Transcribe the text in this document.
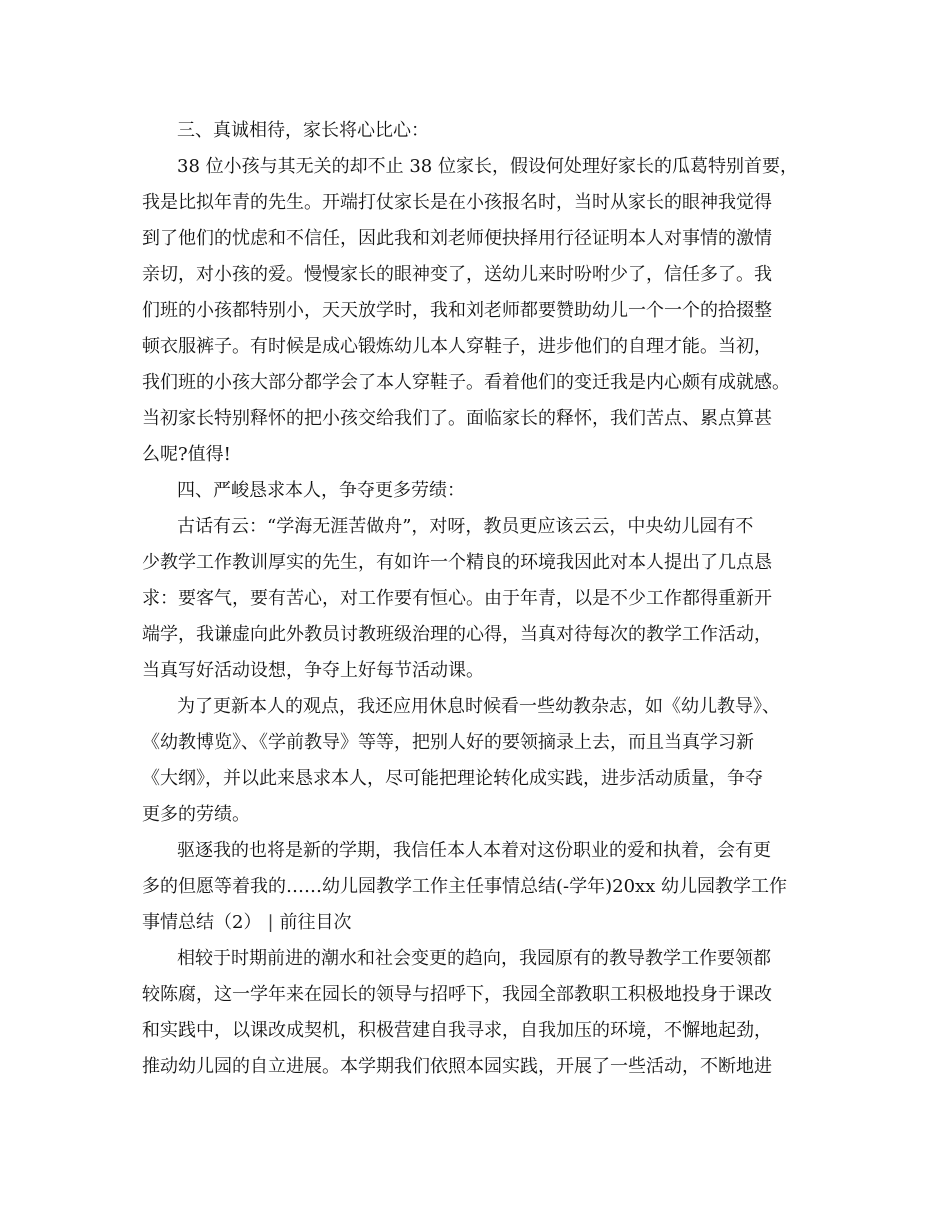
三、真诚相待，家长将心比心：
38 位小孩与其无关的却不止 38 位家长，假设何处理好家长的瓜葛特别首要，
我是比拟年青的先生。开端打仗家长是在小孩报名时，当时从家长的眼神我觉得
到了他们的忧虑和不信任，因此我和刘老师便抉择用行径证明本人对事情的激情
亲切，对小孩的爱。慢慢家长的眼神变了，送幼儿来时吩咐少了，信任多了。我
们班的小孩都特别小，天天放学时，我和刘老师都要赞助幼儿一个一个的拾掇整
顿衣服裤子。有时候是成心锻炼幼儿本人穿鞋子，进步他们的自理才能。当初，
我们班的小孩大部分都学会了本人穿鞋子。看着他们的变迁我是内心颇有成就感。
当初家长特别释怀的把小孩交给我们了。面临家长的释怀，我们苦点、累点算甚
么呢?值得!
四、严峻恳求本人，争夺更多劳绩：
古话有云：“学海无涯苦做舟”，对呀，教员更应该云云，中央幼儿园有不
少教学工作教训厚实的先生，有如许一个精良的环境我因此对本人提出了几点恳
求：要客气，要有苦心，对工作要有恒心。由于年青，以是不少工作都得重新开
端学，我谦虚向此外教员讨教班级治理的心得，当真对待每次的教学工作活动，
当真写好活动设想，争夺上好每节活动课。
为了更新本人的观点，我还应用休息时候看一些幼教杂志，如《幼儿教导》、
《幼教博览》、《学前教导》等等，把别人好的要领摘录上去，而且当真学习新
《大纲》，并以此来恳求本人，尽可能把理论转化成实践，进步活动质量，争夺
更多的劳绩。
驱逐我的也将是新的学期，我信任本人本着对这份职业的爱和执着，会有更
多的但愿等着我的……幼儿园教学工作主任事情总结(-学年)20xx 幼儿园教学工作
事情总结（2） | 前往目次
相较于时期前进的潮水和社会变更的趋向，我园原有的教导教学工作要领都
较陈腐，这一学年来在园长的领导与招呼下，我园全部教职工积极地投身于课改
和实践中，以课改成契机，积极营建自我寻求，自我加压的环境，不懈地起劲，
推动幼儿园的自立进展。本学期我们依照本园实践，开展了一些活动，不断地进
